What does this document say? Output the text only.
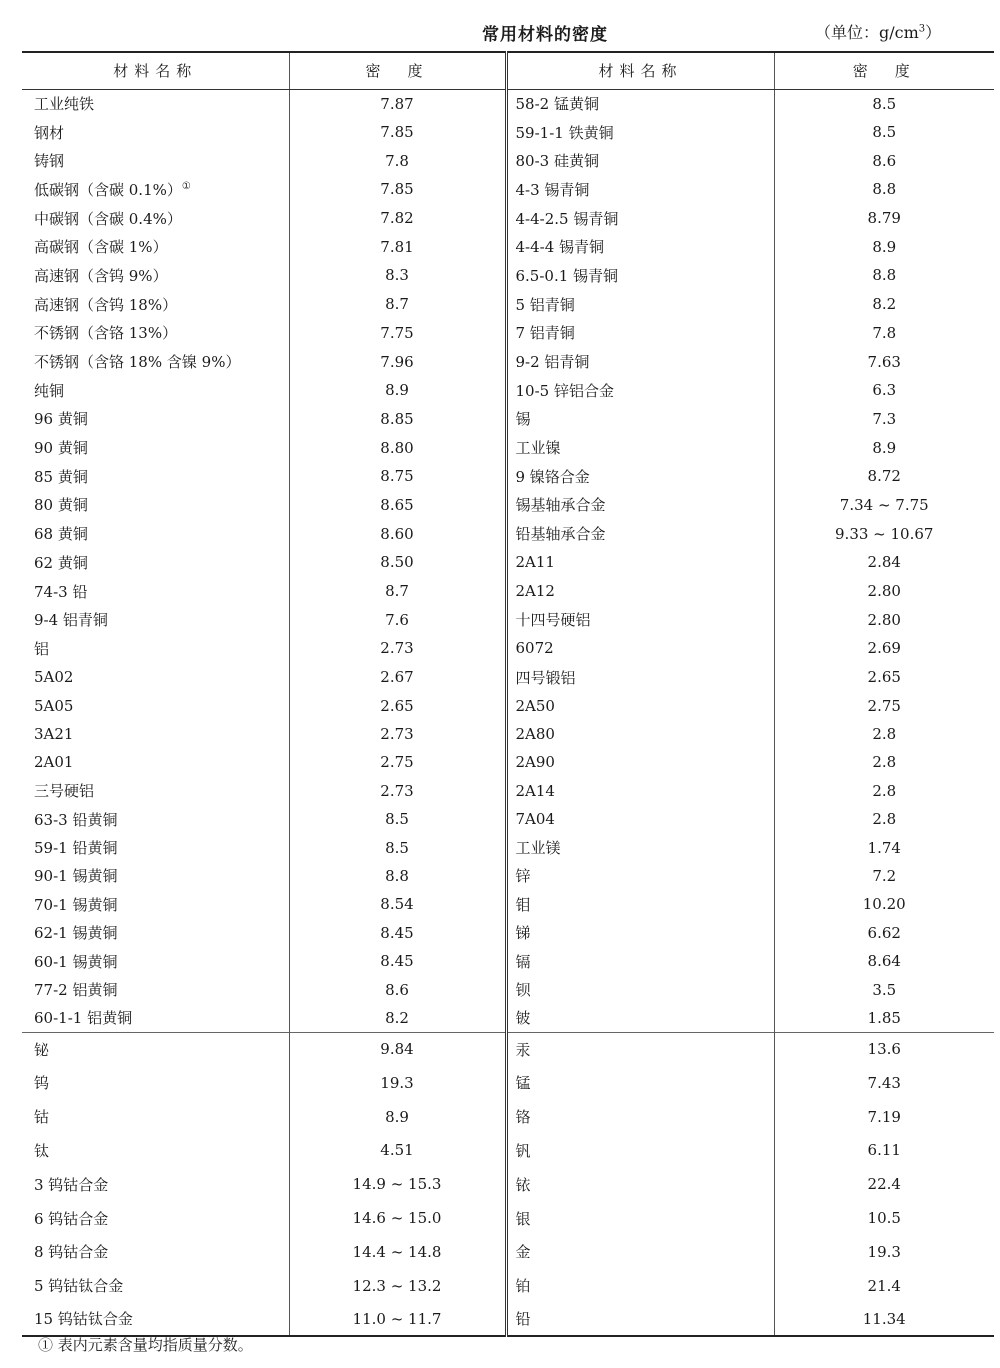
常用材料的密度	（单位：$g/cm^3$）
材料名称	密　度	材料名称	密　度
工业纯铁	7.87	58-2 锰黄铜	8.5
钢材	7.85	59-1-1 铁黄铜	8.5
铸钢	7.8	80-3 硅黄铜	8.6
低碳钢（含碳 0.1%）①	7.85	4-3 锡青铜	8.8
中碳钢（含碳 0.4%）	7.82	4-4-2.5 锡青铜	8.79
高碳钢（含碳 1%）	7.81	4-4-4 锡青铜	8.9
高速钢（含钨 9%）	8.3	6.5-0.1 锡青铜	8.8
高速钢（含钨 18%）	8.7	5 铝青铜	8.2
不锈钢（含铬 13%）	7.75	7 铝青铜	7.8
不锈钢（含铬 18% 含镍 9%）	7.96	9-2 铝青铜	7.63
纯铜	8.9	10-5 锌铝合金	6.3
96 黄铜	8.85	锡	7.3
90 黄铜	8.80	工业镍	8.9
85 黄铜	8.75	9 镍铬合金	8.72
80 黄铜	8.65	锡基轴承合金	7.34 ~ 7.75
68 黄铜	8.60	铅基轴承合金	9.33 ~ 10.67
62 黄铜	8.50	2A11	2.84
74-3 铅	8.7	2A12	2.80
9-4 铝青铜	7.6	十四号硬铝	2.80
铝	2.73	6072	2.69
5A02	2.67	四号锻铝	2.65
5A05	2.65	2A50	2.75
3A21	2.73	2A80	2.8
2A01	2.75	2A90	2.8
三号硬铝	2.73	2A14	2.8
63-3 铅黄铜	8.5	7A04	2.8
59-1 铅黄铜	8.5	工业镁	1.74
90-1 锡黄铜	8.8	锌	7.2
70-1 锡黄铜	8.54	钼	10.20
62-1 锡黄铜	8.45	锑	6.62
60-1 锡黄铜	8.45	镉	8.64
77-2 铝黄铜	8.6	钡	3.5
60-1-1 铝黄铜	8.2	铍	1.85
铋	9.84	汞	13.6
钨	19.3	锰	7.43
钴	8.9	铬	7.19
钛	4.51	钒	6.11
3 钨钴合金	14.9 ~ 15.3	铱	22.4
6 钨钴合金	14.6 ~ 15.0	银	10.5
8 钨钴合金	14.4 ~ 14.8	金	19.3
5 钨钴钛合金	12.3 ~ 13.2	铂	21.4
15 钨钴钛合金	11.0 ~ 11.7	铅	11.34
① 表内元素含量均指质量分数。
